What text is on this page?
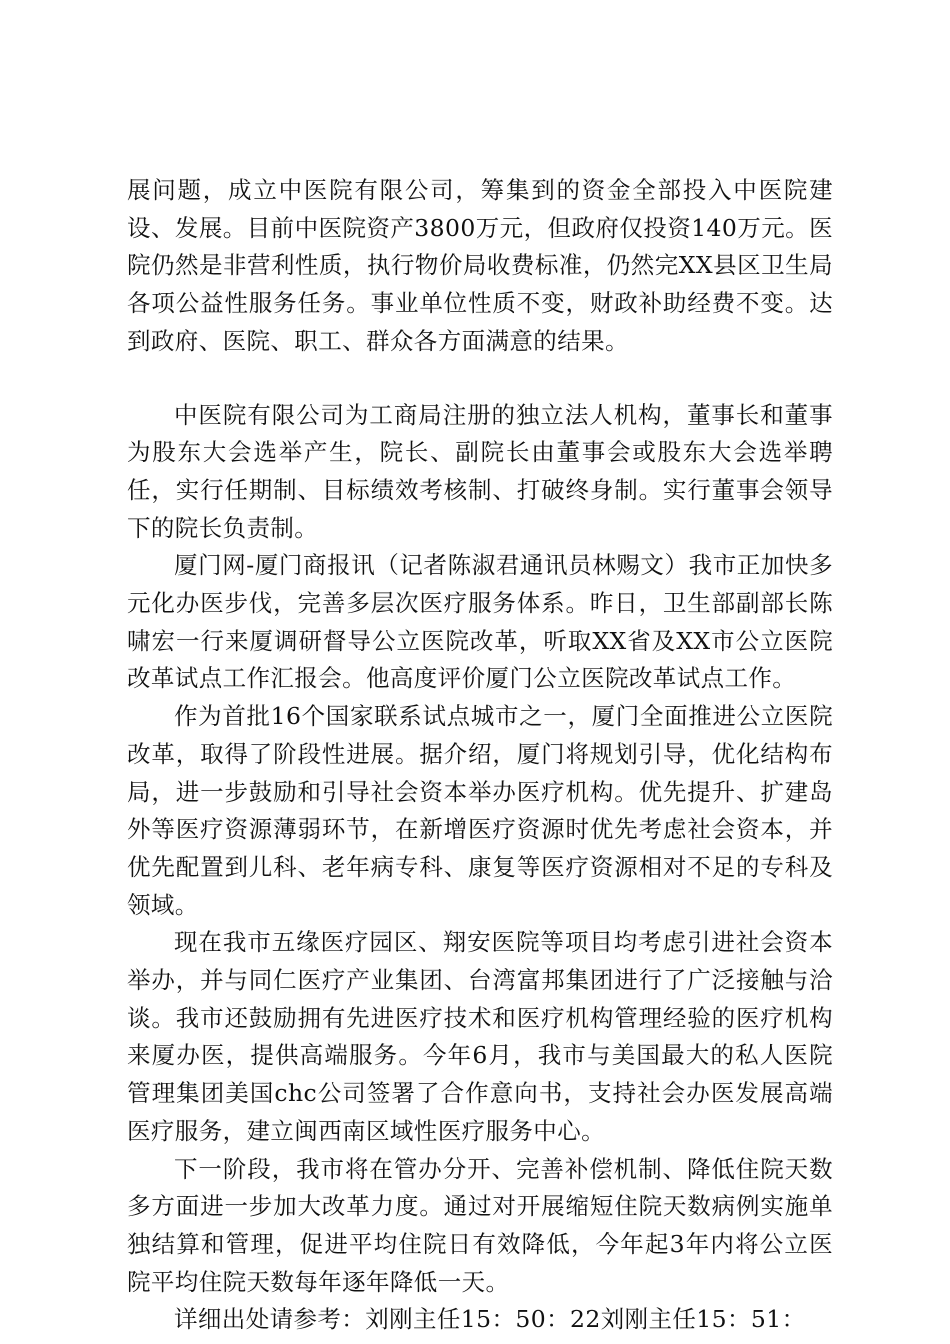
展问题，成立中医院有限公司，筹集到的资金全部投入中医院建设、发展。目前中医院资产3800万元，但政府仅投资140万元。医院仍然是非营利性质，执行物价局收费标准，仍然完XX县区卫生局各项公益性服务任务。事业单位性质不变，财政补助经费不变。达到政府、医院、职工、群众各方面满意的结果。

中医院有限公司为工商局注册的独立法人机构，董事长和董事为股东大会选举产生，院长、副院长由董事会或股东大会选举聘任，实行任期制、目标绩效考核制、打破终身制。实行董事会领导下的院长负责制。

厦门网-厦门商报讯（记者陈淑君通讯员林赐文）我市正加快多元化办医步伐，完善多层次医疗服务体系。昨日，卫生部副部长陈啸宏一行来厦调研督导公立医院改革，听取XX省及XX市公立医院改革试点工作汇报会。他高度评价厦门公立医院改革试点工作。

作为首批16个国家联系试点城市之一，厦门全面推进公立医院改革，取得了阶段性进展。据介绍，厦门将规划引导，优化结构布局，进一步鼓励和引导社会资本举办医疗机构。优先提升、扩建岛外等医疗资源薄弱环节，在新增医疗资源时优先考虑社会资本，并优先配置到儿科、老年病专科、康复等医疗资源相对不足的专科及领域。

现在我市五缘医疗园区、翔安医院等项目均考虑引进社会资本举办，并与同仁医疗产业集团、台湾富邦集团进行了广泛接触与洽谈。我市还鼓励拥有先进医疗技术和医疗机构管理经验的医疗机构来厦办医，提供高端服务。今年6月，我市与美国最大的私人医院管理集团美国chc公司签署了合作意向书，支持社会办医发展高端医疗服务，建立闽西南区域性医疗服务中心。

下一阶段，我市将在管办分开、完善补偿机制、降低住院天数多方面进一步加大改革力度。通过对开展缩短住院天数病例实施单独结算和管理，促进平均住院日有效降低，今年起3年内将公立医院平均住院天数每年逐年降低一天。

详细出处请参考：刘刚主任15：50：22刘刚主任15：51：
